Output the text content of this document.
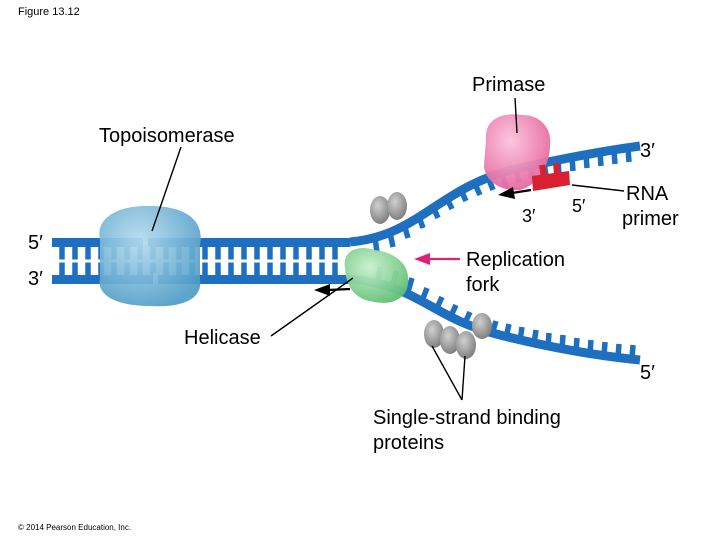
Figure 13.12
Primase
Topoisomerase
Helicase
Replication
fork
RNA
primer
Single-strand binding
proteins
5′
3′
3′
5′
3′ 5′
© 2014 Pearson Education, Inc.
